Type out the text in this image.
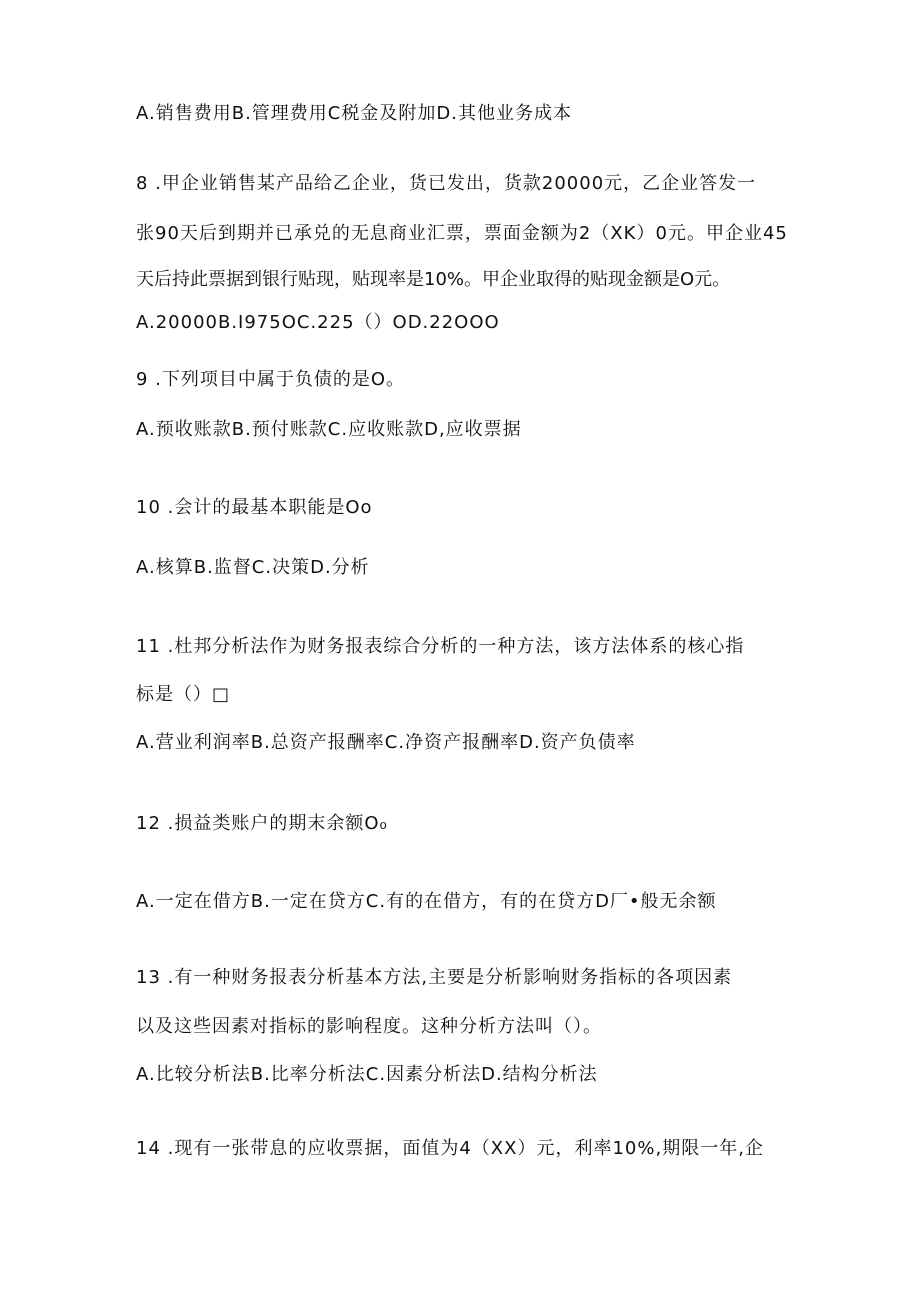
A.销售费用B.管理费用C税金及附加D.其他业务成本
8 .甲企业销售某产品给乙企业，货已发出，货款20000元，乙企业答发一
张90天后到期并已承兑的无息商业汇票，票面金额为2（XK）0元。甲企业45
天后持此票据到银行贴现，贴现率是10%。甲企业取得的贴现金额是O元。
A.20000B.I975OC.225（）OD.22OOO
9 .下列项目中属于负债的是O。
A.预收账款B.预付账款C.应收账款D,应收票据
10 .会计的最基本职能是Oo
A.核算B.监督C.决策D.分析
11 .杜邦分析法作为财务报表综合分析的一种方法，该方法体系的核心指
标是（）□
A.营业利润率B.总资产报酬率C.净资产报酬率D.资产负债率
12 .损益类账户的期末余额O₀
A.一定在借方B.一定在贷方C.有的在借方，有的在贷方D厂•般无余额
13 .有一种财务报表分析基本方法,主要是分析影响财务指标的各项因素
以及这些因素对指标的影响程度。这种分析方法叫（）。
A.比较分析法B.比率分析法C.因素分析法D.结构分析法
14 .现有一张带息的应收票据，面值为4（XX）元，利率10%,期限一年,企
